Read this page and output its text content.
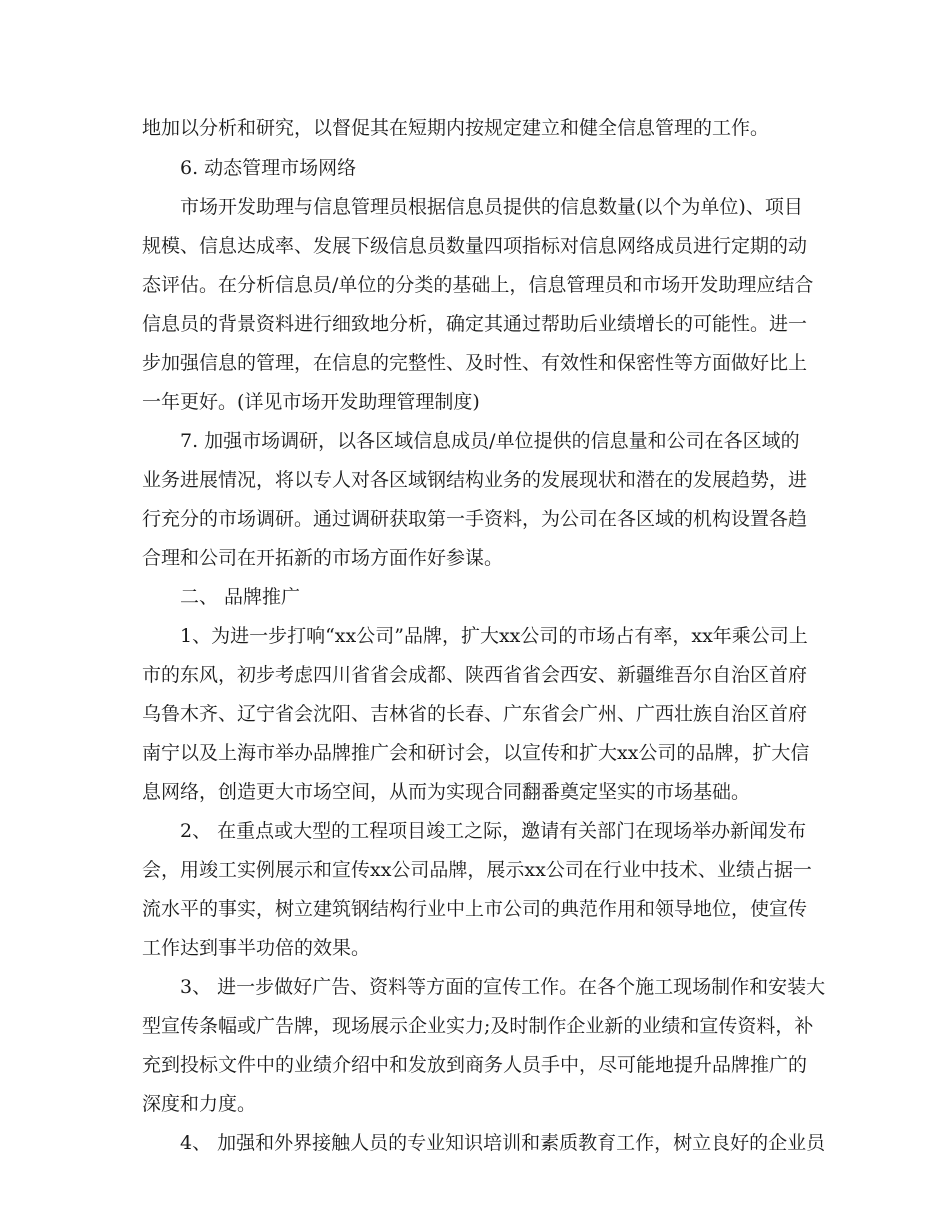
地加以分析和研究，以督促其在短期内按规定建立和健全信息管理的工作。
6. 动态管理市场网络
市场开发助理与信息管理员根据信息员提供的信息数量(以个为单位)、项目
规模、信息达成率、发展下级信息员数量四项指标对信息网络成员进行定期的动
态评估。在分析信息员/单位的分类的基础上，信息管理员和市场开发助理应结合
信息员的背景资料进行细致地分析，确定其通过帮助后业绩增长的可能性。进一
步加强信息的管理，在信息的完整性、及时性、有效性和保密性等方面做好比上
一年更好。(详见市场开发助理管理制度)
7. 加强市场调研，以各区域信息成员/单位提供的信息量和公司在各区域的
业务进展情况，将以专人对各区域钢结构业务的发展现状和潜在的发展趋势，进
行充分的市场调研。通过调研获取第一手资料，为公司在各区域的机构设置各趋
合理和公司在开拓新的市场方面作好参谋。
二、 品牌推广
1、为进一步打响“xx公司”品牌，扩大xx公司的市场占有率，xx年乘公司上
市的东风，初步考虑四川省省会成都、陕西省省会西安、新疆维吾尔自治区首府
乌鲁木齐、辽宁省会沈阳、吉林省的长春、广东省会广州、广西壮族自治区首府
南宁以及上海市举办品牌推广会和研讨会，以宣传和扩大xx公司的品牌，扩大信
息网络，创造更大市场空间，从而为实现合同翻番奠定坚实的市场基础。
2、 在重点或大型的工程项目竣工之际，邀请有关部门在现场举办新闻发布
会，用竣工实例展示和宣传xx公司品牌，展示xx公司在行业中技术、业绩占据一
流水平的事实，树立建筑钢结构行业中上市公司的典范作用和领导地位，使宣传
工作达到事半功倍的效果。
3、 进一步做好广告、资料等方面的宣传工作。在各个施工现场制作和安装大
型宣传条幅或广告牌，现场展示企业实力;及时制作企业新的业绩和宣传资料，补
充到投标文件中的业绩介绍中和发放到商务人员手中，尽可能地提升品牌推广的
深度和力度。
4、 加强和外界接触人员的专业知识培训和素质教育工作，树立良好的企业员
